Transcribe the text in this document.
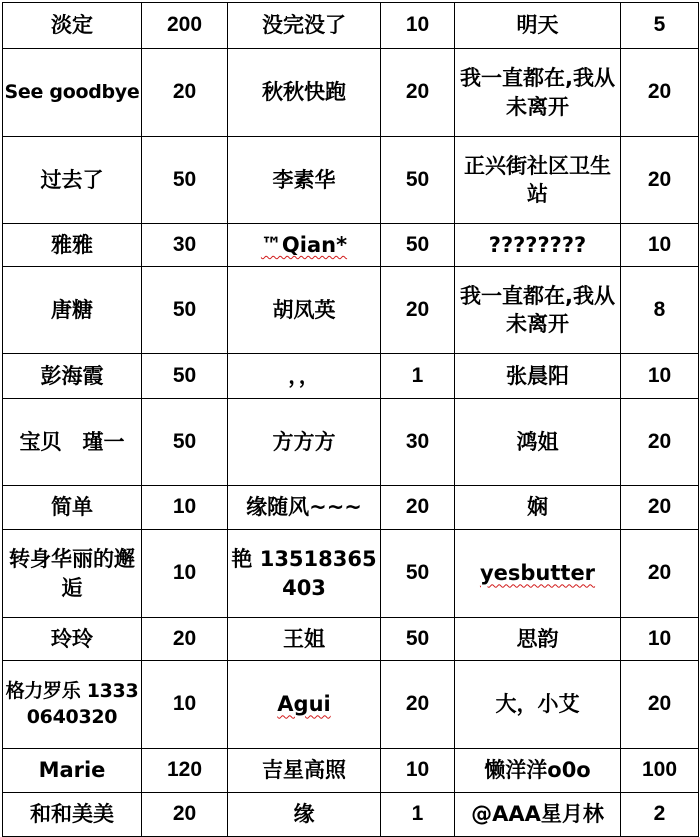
淡定	200	没完没了	10	明天	5
See goodbye	20	秋秋快跑	20	我一直都在,我从未离开	20
过去了	50	李素华	50	正兴街社区卫生站	20
雅雅	30	™Qian*	50	????????	10
唐糖	50	胡凤英	20	我一直都在,我从未离开	8
彭海霞	50	，，	1	张晨阳	10
宝贝　瑾一	50	方方方	30	鸿姐	20
简单	10	缘随风~~~	20	娴	20
转身华丽的邂逅	10	艳 13518365403	50	yesbutter	20
玲玲	20	王姐	50	思韵	10
格力罗乐 13330640320	10	Agui	20	大，小艾	20
Marie	120	吉星高照	10	懒洋洋o0o	100
和和美美	20	缘	1	@AAA星月林	2
